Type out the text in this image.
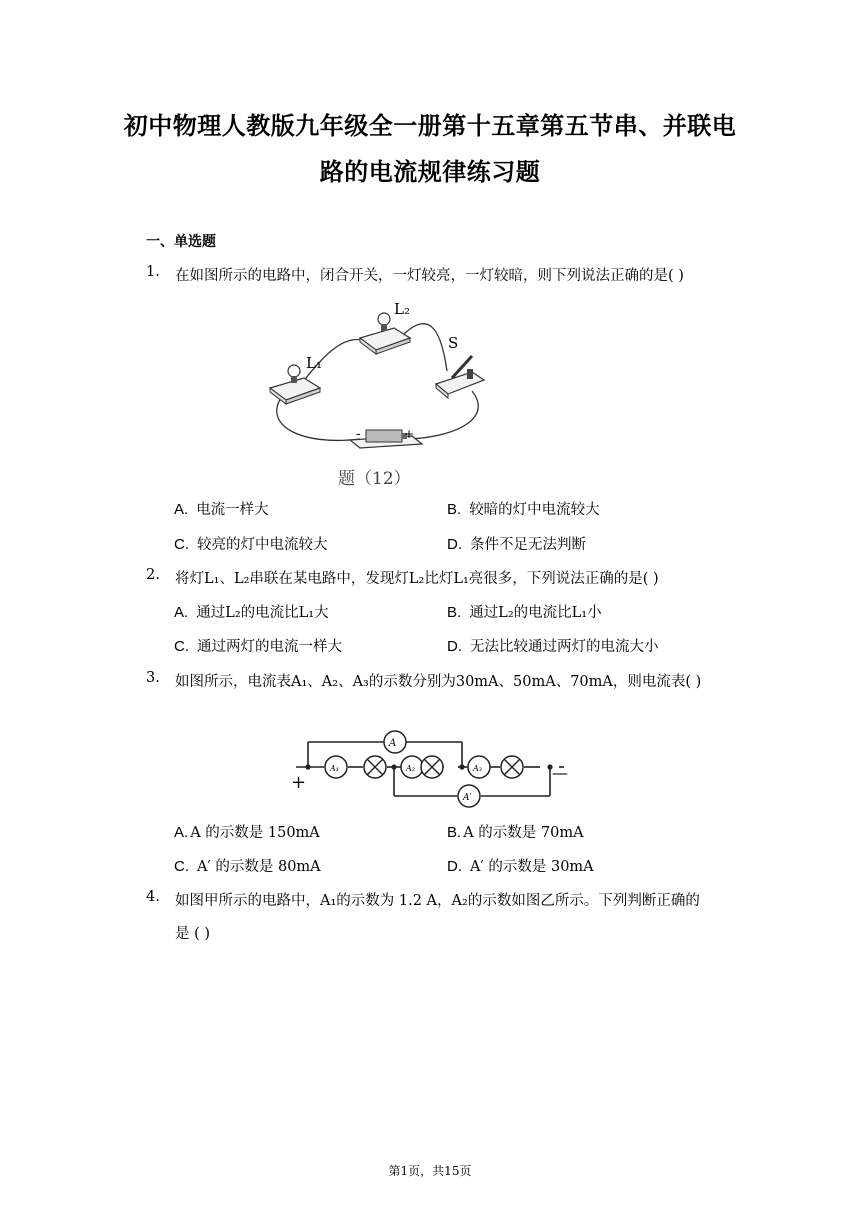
初中物理人教版九年级全一册第十五章第五节串、并联电
路的电流规律练习题
一、单选题
1. 在如图所示的电路中，闭合开关，一灯较亮，一灯较暗，则下列说法正确的是( )
L₁
L₂
S
-	+
题（12）
A. 电流一样大	B. 较暗的灯中电流较大
C. 较亮的灯中电流较大	D. 条件不足无法判断
2. 将灯L₁、L₂串联在某电路中，发现灯L₂比灯L₁亮很多，下列说法正确的是( )
A. 通过L₂的电流比L₁大	B. 通过L₂的电流比L₁小
C. 通过两灯的电流一样大	D. 无法比较通过两灯的电流大小
3. 如图所示，电流表A₁、A₂、A₃的示数分别为30mA、50mA、70mA，则电流表( )
A
A₁	A₂	A₃
A′
+	—
A. A 的示数是 150mA	B. A 的示数是 70mA
C. A′ 的示数是 80mA	D. A′ 的示数是 30mA
4. 如图甲所示的电路中，A₁的示数为 1.2 A，A₂的示数如图乙所示。下列判断正确的
是 ( )
第1页，共15页
